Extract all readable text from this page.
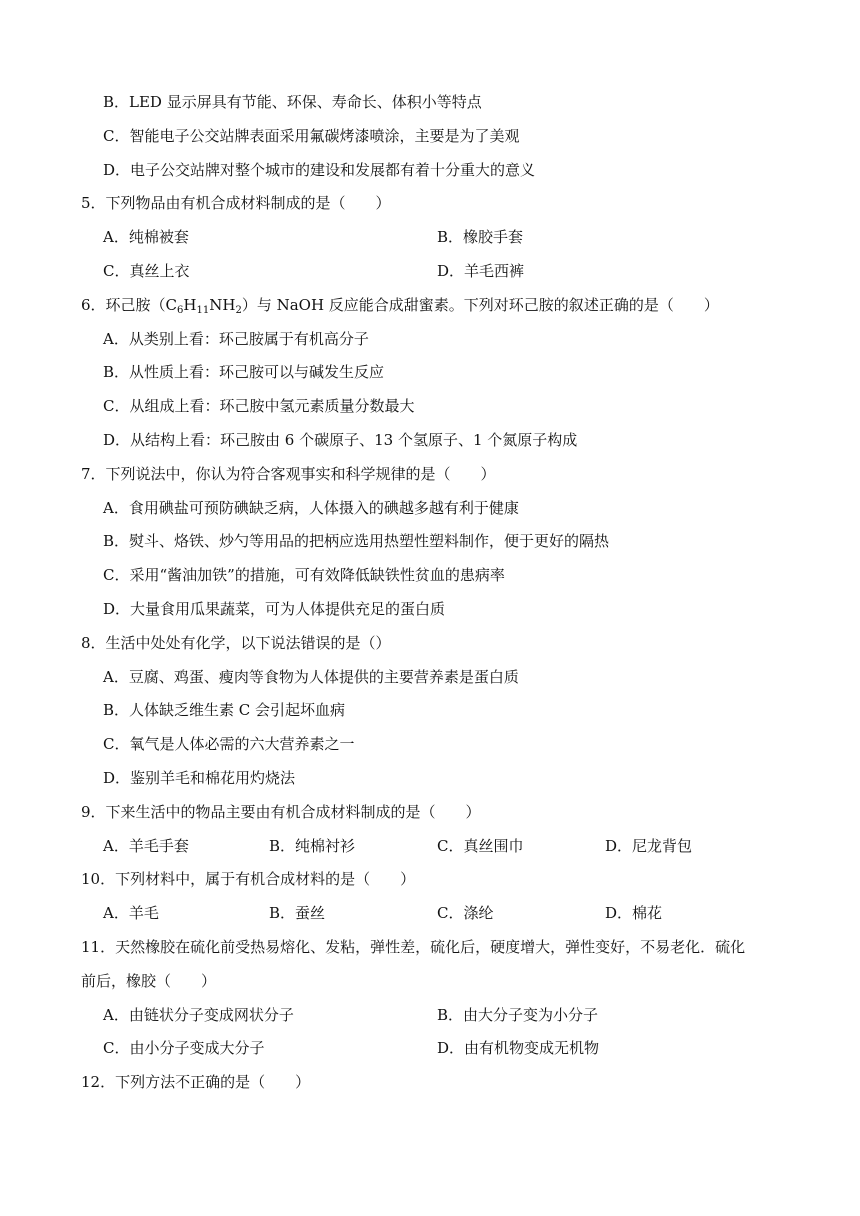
B．LED 显示屏具有节能、环保、寿命长、体积小等特点
C．智能电子公交站牌表面采用氟碳烤漆喷涂，主要是为了美观
D．电子公交站牌对整个城市的建设和发展都有着十分重大的意义
5．下列物品由有机合成材料制成的是（　　）
A．纯棉被套	B．橡胶手套
C．真丝上衣	D．羊毛西裤
6．环己胺$(C_6H_{11}NH_2)$与 NaOH 反应能合成甜蜜素。下列对环己胺的叙述正确的是（　　）
A．从类别上看：环己胺属于有机高分子
B．从性质上看：环己胺可以与碱发生反应
C．从组成上看：环己胺中氢元素质量分数最大
D．从结构上看：环己胺由 6 个碳原子、13 个氢原子、1 个氮原子构成
7．下列说法中，你认为符合客观事实和科学规律的是（　　）
A．食用碘盐可预防碘缺乏病，人体摄入的碘越多越有利于健康
B．熨斗、烙铁、炒勺等用品的把柄应选用热塑性塑料制作，便于更好的隔热
C．采用“酱油加铁”的措施，可有效降低缺铁性贫血的患病率
D．大量食用瓜果蔬菜，可为人体提供充足的蛋白质
8．生活中处处有化学，以下说法错误的是（）
A．豆腐、鸡蛋、瘦肉等食物为人体提供的主要营养素是蛋白质
B．人体缺乏维生素 C 会引起坏血病
C．氧气是人体必需的六大营养素之一
D．鉴别羊毛和棉花用灼烧法
9．下来生活中的物品主要由有机合成材料制成的是（　　）
A．羊毛手套	B．纯棉衬衫	C．真丝围巾	D．尼龙背包
10．下列材料中，属于有机合成材料的是（　　）
A．羊毛	B．蚕丝	C．涤纶	D．棉花
11．天然橡胶在硫化前受热易熔化、发粘，弹性差，硫化后，硬度增大，弹性变好，不易老化．硫化
前后，橡胶（　　）
A．由链状分子变成网状分子	B．由大分子变为小分子
C．由小分子变成大分子	D．由有机物变成无机物
12．下列方法不正确的是（　　）
